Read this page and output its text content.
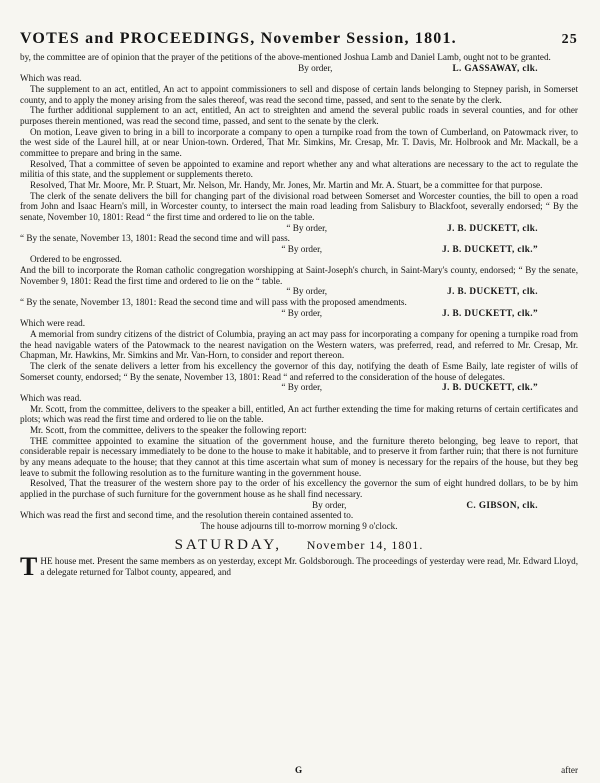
VOTES and PROCEEDINGS, November Session, 1801.	25

by, the committee are of opinion that the prayer of the petitions of the above-mentioned Joshua Lamb and Daniel Lamb, ought not to be granted.

By order,	L. GASSAWAY, clk.

Which was read.

The supplement to an act, entitled, An act to appoint commissioners to sell and dispose of certain lands belonging to Stepney parish, in Somerset county, and to apply the money arising from the sales thereof, was read the second time, passed, and sent to the senate by the clerk.

The further additional supplement to an act, entitled, An act to streighten and amend the several public roads in several counties, and for other purposes therein mentioned, was read the second time, passed, and sent to the senate by the clerk.

On motion, Leave given to bring in a bill to incorporate a company to open a turnpike road from the town of Cumberland, on Patowmack river, to the west side of the Laurel hill, at or near Union-town. Ordered, That Mr. Simkins, Mr. Cresap, Mr. T. Davis, Mr. Holbrook and Mr. Mackall, be a committee to prepare and bring in the same.

Resolved, That a committee of seven be appointed to examine and report whether any and what alterations are necessary to the act to regulate the militia of this state, and the supplement or supplements thereto.

Resolved, That Mr. Moore, Mr. P. Stuart, Mr. Nelson, Mr. Handy, Mr. Jones, Mr. Martin and Mr. A. Stuart, be a committee for that purpose.

The clerk of the senate delivers the bill for changing part of the divisional road between Somerset and Worcester counties, the bill to open a road from John and Isaac Hearn's mill, in Worcester county, to intersect the main road leading from Salisbury to Blackfoot, severally endorsed; “ By the senate, November 10, 1801: Read “ the first time and ordered to lie on the table.

“ By order,	J. B. DUCKETT, clk.

“ By the senate, November 13, 1801: Read the second time and will pass.

“ By order,	J. B. DUCKETT, clk.”

Ordered to be engrossed.

And the bill to incorporate the Roman catholic congregation worshipping at Saint-Joseph's church, in Saint-Mary's county, endorsed; “ By the senate, November 9, 1801: Read the first time and ordered to lie on the “ table.

“ By order,	J. B. DUCKETT, clk.

“ By the senate, November 13, 1801: Read the second time and will pass with the proposed amendments.

“ By order,	J. B. DUCKETT, clk.”

Which were read.

A memorial from sundry citizens of the district of Columbia, praying an act may pass for incorporating a company for opening a turnpike road from the head navigable waters of the Patowmack to the nearest navigation on the Western waters, was preferred, read, and referred to Mr. Cresap, Mr. Chapman, Mr. Hawkins, Mr. Simkins and Mr. Van-Horn, to consider and report thereon.

The clerk of the senate delivers a letter from his excellency the governor of this day, notifying the death of Esme Baily, late register of wills of Somerset county, endorsed; “ By the senate, November 13, 1801: Read “ and referred to the consideration of the house of delegates.

“ By order,	J. B. DUCKETT, clk.”

Which was read.

Mr. Scott, from the committee, delivers to the speaker a bill, entitled, An act further extending the time for making returns of certain certificates and plots; which was read the first time and ordered to lie on the table.

Mr. Scott, from the committee, delivers to the speaker the following report:

THE committee appointed to examine the situation of the government house, and the furniture thereto belonging, beg leave to report, that considerable repair is necessary immediately to be done to the house to make it habitable, and to preserve it from farther ruin; that there is not furniture by any means adequate to the house; that they cannot at this time ascertain what sum of money is necessary for the repairs of the house, but they beg leave to submit the following resolution as to the furniture wanting in the government house.

Resolved, That the treasurer of the western shore pay to the order of his excellency the governor the sum of eight hundred dollars, to be by him applied in the purchase of such furniture for the government house as he shall find necessary.

By order,	C. GIBSON, clk.

Which was read the first and second time, and the resolution therein contained assented to.

The house adjourns till to-morrow morning 9 o'clock.

SATURDAY, November 14, 1801.

THE house met. Present the same members as on yesterday, except Mr. Goldsborough. The proceedings of yesterday were read, Mr. Edward Lloyd, a delegate returned for Talbot county, appeared, and

G	after
